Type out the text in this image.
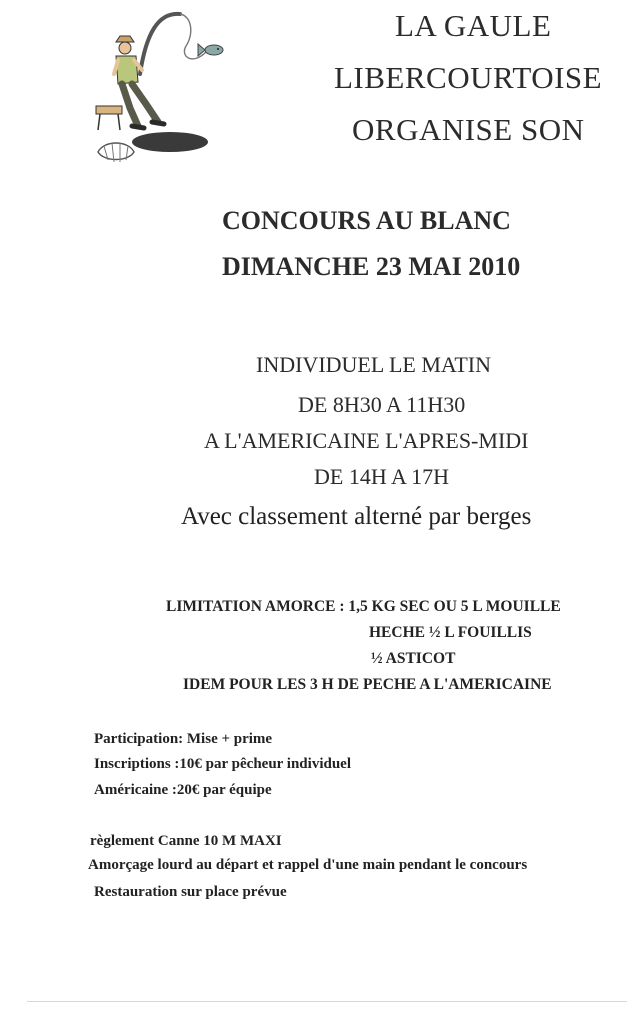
LA GAULE
LIBERCOURTOISE
ORGANISE SON
CONCOURS AU BLANC
DIMANCHE 23 MAI 2010
INDIVIDUEL LE MATIN
DE 8H30 A 11H30
A L'AMERICAINE L'APRES-MIDI
DE 14H A 17H
Avec classement alterné par berges
LIMITATION AMORCE : 1,5 KG SEC OU 5 L MOUILLE
HECHE ½ L FOUILLIS
½ ASTICOT
IDEM POUR LES 3 H DE PECHE A L'AMERICAINE
Participation: Mise + prime
Inscriptions :10€ par pêcheur individuel
Américaine :20€ par équipe
règlement Canne 10 M MAXI
Amorçage lourd au départ et rappel d'une main pendant le concours
Restauration sur place prévue
